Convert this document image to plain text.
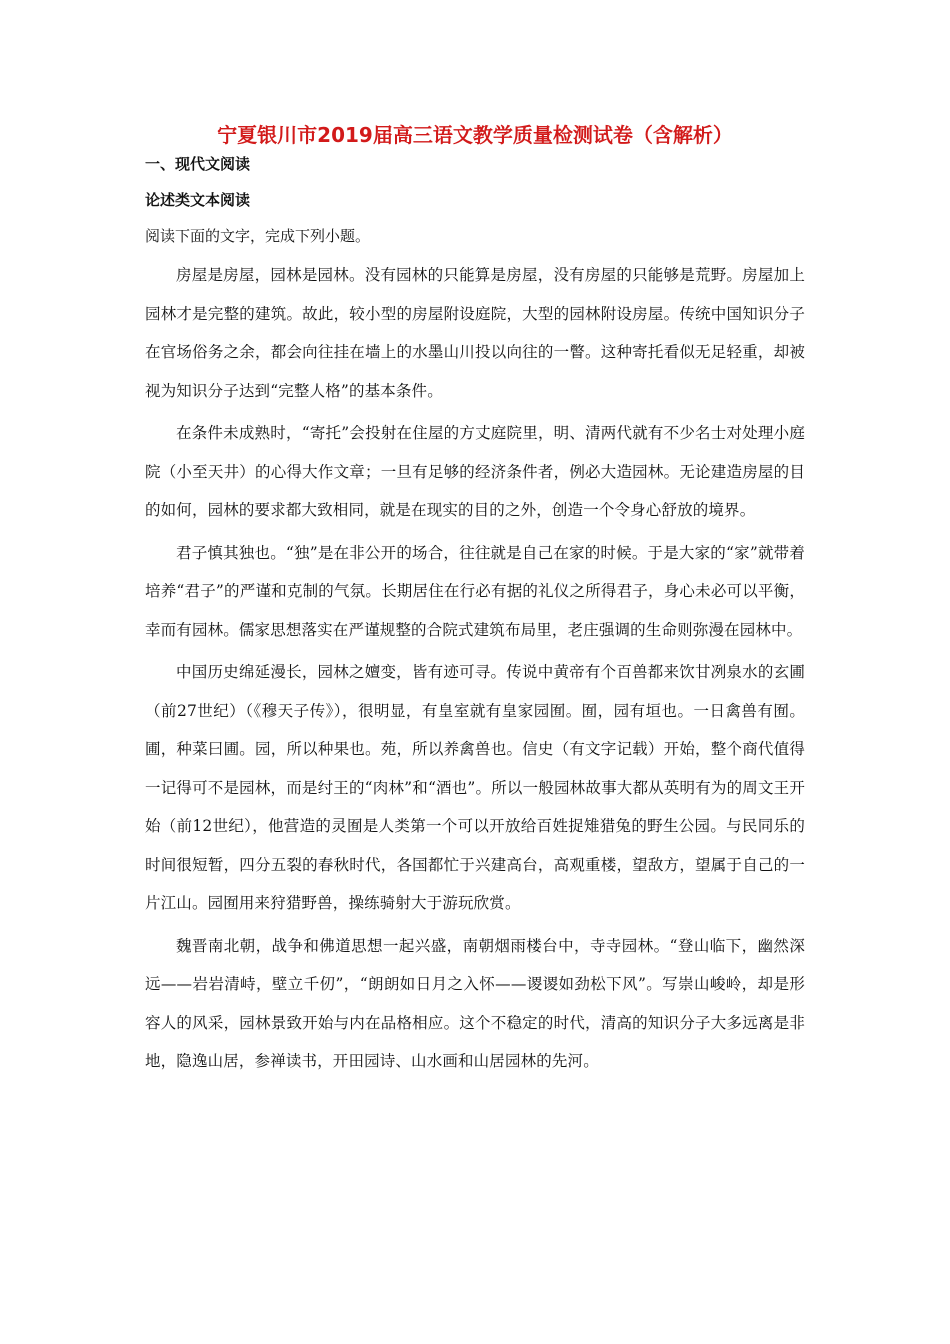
宁夏银川市2019届高三语文教学质量检测试卷（含解析）

一、现代文阅读

论述类文本阅读

阅读下面的文字，完成下列小题。

房屋是房屋，园林是园林。没有园林的只能算是房屋，没有房屋的只能够是荒野。房屋加上园林才是完整的建筑。故此，较小型的房屋附设庭院，大型的园林附设房屋。传统中国知识分子在官场俗务之余，都会向往挂在墙上的水墨山川投以向往的一瞥。这种寄托看似无足轻重，却被视为知识分子达到“完整人格”的基本条件。

在条件未成熟时，“寄托”会投射在住屋的方丈庭院里，明、清两代就有不少名士对处理小庭院（小至天井）的心得大作文章；一旦有足够的经济条件者，例必大造园林。无论建造房屋的目的如何，园林的要求都大致相同，就是在现实的目的之外，创造一个令身心舒放的境界。

君子慎其独也。“独”是在非公开的场合，往往就是自己在家的时候。于是大家的“家”就带着培养“君子”的严谨和克制的气氛。长期居住在行必有据的礼仪之所得君子，身心未必可以平衡，幸而有园林。儒家思想落实在严谨规整的合院式建筑布局里，老庄强调的生命则弥漫在园林中。

中国历史绵延漫长，园林之嬗变，皆有迹可寻。传说中黄帝有个百兽都来饮甘冽泉水的玄圃（前27世纪）（《穆天子传》），很明显，有皇室就有皇家园囿。囿，园有垣也。一日禽兽有囿。圃，种菜曰圃。园，所以种果也。苑，所以养禽兽也。信史（有文字记载）开始，整个商代值得一记得可不是园林，而是纣王的“肉林”和“酒也”。所以一般园林故事大都从英明有为的周文王开始（前12世纪），他营造的灵囿是人类第一个可以开放给百姓捉雉猎兔的野生公园。与民同乐的时间很短暂，四分五裂的春秋时代，各国都忙于兴建高台，高观重楼，望敌方，望属于自己的一片江山。园囿用来狩猎野兽，操练骑射大于游玩欣赏。

魏晋南北朝，战争和佛道思想一起兴盛，南朝烟雨楼台中，寺寺园林。“登山临下，幽然深远——岩岩清峙，壁立千仞”，“朗朗如日月之入怀——谡谡如劲松下风”。写崇山峻岭，却是形容人的风采，园林景致开始与内在品格相应。这个不稳定的时代，清高的知识分子大多远离是非地，隐逸山居，参禅读书，开田园诗、山水画和山居园林的先河。
